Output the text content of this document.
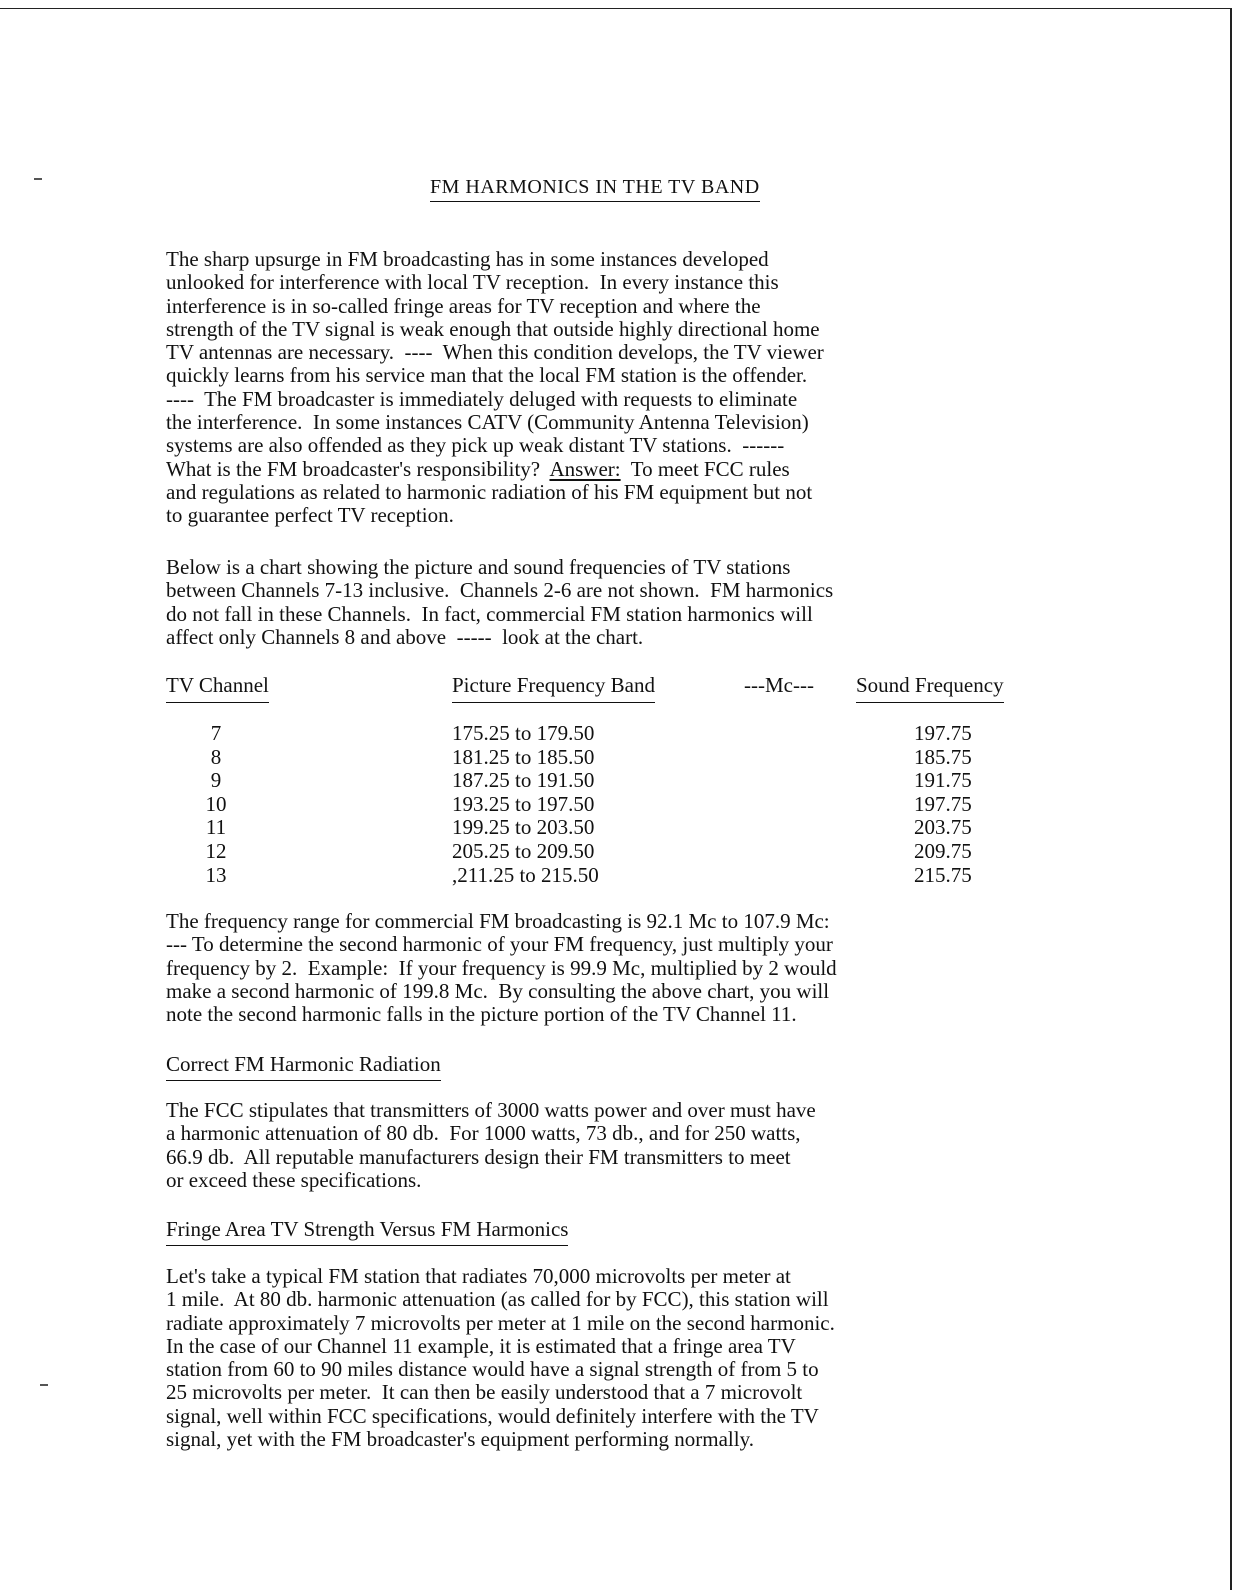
FM HARMONICS IN THE TV BAND

The sharp upsurge in FM broadcasting has in some instances developed
unlooked for interference with local TV reception.  In every instance this
interference is in so-called fringe areas for TV reception and where the
strength of the TV signal is weak enough that outside highly directional home
TV antennas are necessary.  ----  When this condition develops, the TV viewer
quickly learns from his service man that the local FM station is the offender.
----  The FM broadcaster is immediately deluged with requests to eliminate
the interference.  In some instances CATV (Community Antenna Television)
systems are also offended as they pick up weak distant TV stations.  ------
What is the FM broadcaster's responsibility?  Answer:  To meet FCC rules
and regulations as related to harmonic radiation of his FM equipment but not
to guarantee perfect TV reception.

Below is a chart showing the picture and sound frequencies of TV stations
between Channels 7-13 inclusive.  Channels 2-6 are not shown.  FM harmonics
do not fall in these Channels.  In fact, commercial FM station harmonics will
affect only Channels 8 and above  -----  look at the chart.

TV Channel	Picture Frequency Band	---Mc--- Sound Frequency
7	175.25 to 179.50	197.75
8	181.25 to 185.50	185.75
9	187.25 to 191.50	191.75
10	193.25 to 197.50	197.75
11	199.25 to 203.50	203.75
12	205.25 to 209.50	209.75
13	,211.25 to 215.50	215.75

The frequency range for commercial FM broadcasting is 92.1 Mc to 107.9 Mc:
--- To determine the second harmonic of your FM frequency, just multiply your
frequency by 2.  Example:  If your frequency is 99.9 Mc, multiplied by 2 would
make a second harmonic of 199.8 Mc.  By consulting the above chart, you will
note the second harmonic falls in the picture portion of the TV Channel 11.

Correct FM Harmonic Radiation

The FCC stipulates that transmitters of 3000 watts power and over must have
a harmonic attenuation of 80 db.  For 1000 watts, 73 db., and for 250 watts,
66.9 db.  All reputable manufacturers design their FM transmitters to meet
or exceed these specifications.

Fringe Area TV Strength Versus FM Harmonics

Let's take a typical FM station that radiates 70,000 microvolts per meter at
1 mile.  At 80 db. harmonic attenuation (as called for by FCC), this station will
radiate approximately 7 microvolts per meter at 1 mile on the second harmonic.
In the case of our Channel 11 example, it is estimated that a fringe area TV
station from 60 to 90 miles distance would have a signal strength of from 5 to
25 microvolts per meter.  It can then be easily understood that a 7 microvolt
signal, well within FCC specifications, would definitely interfere with the TV
signal, yet with the FM broadcaster's equipment performing normally.
